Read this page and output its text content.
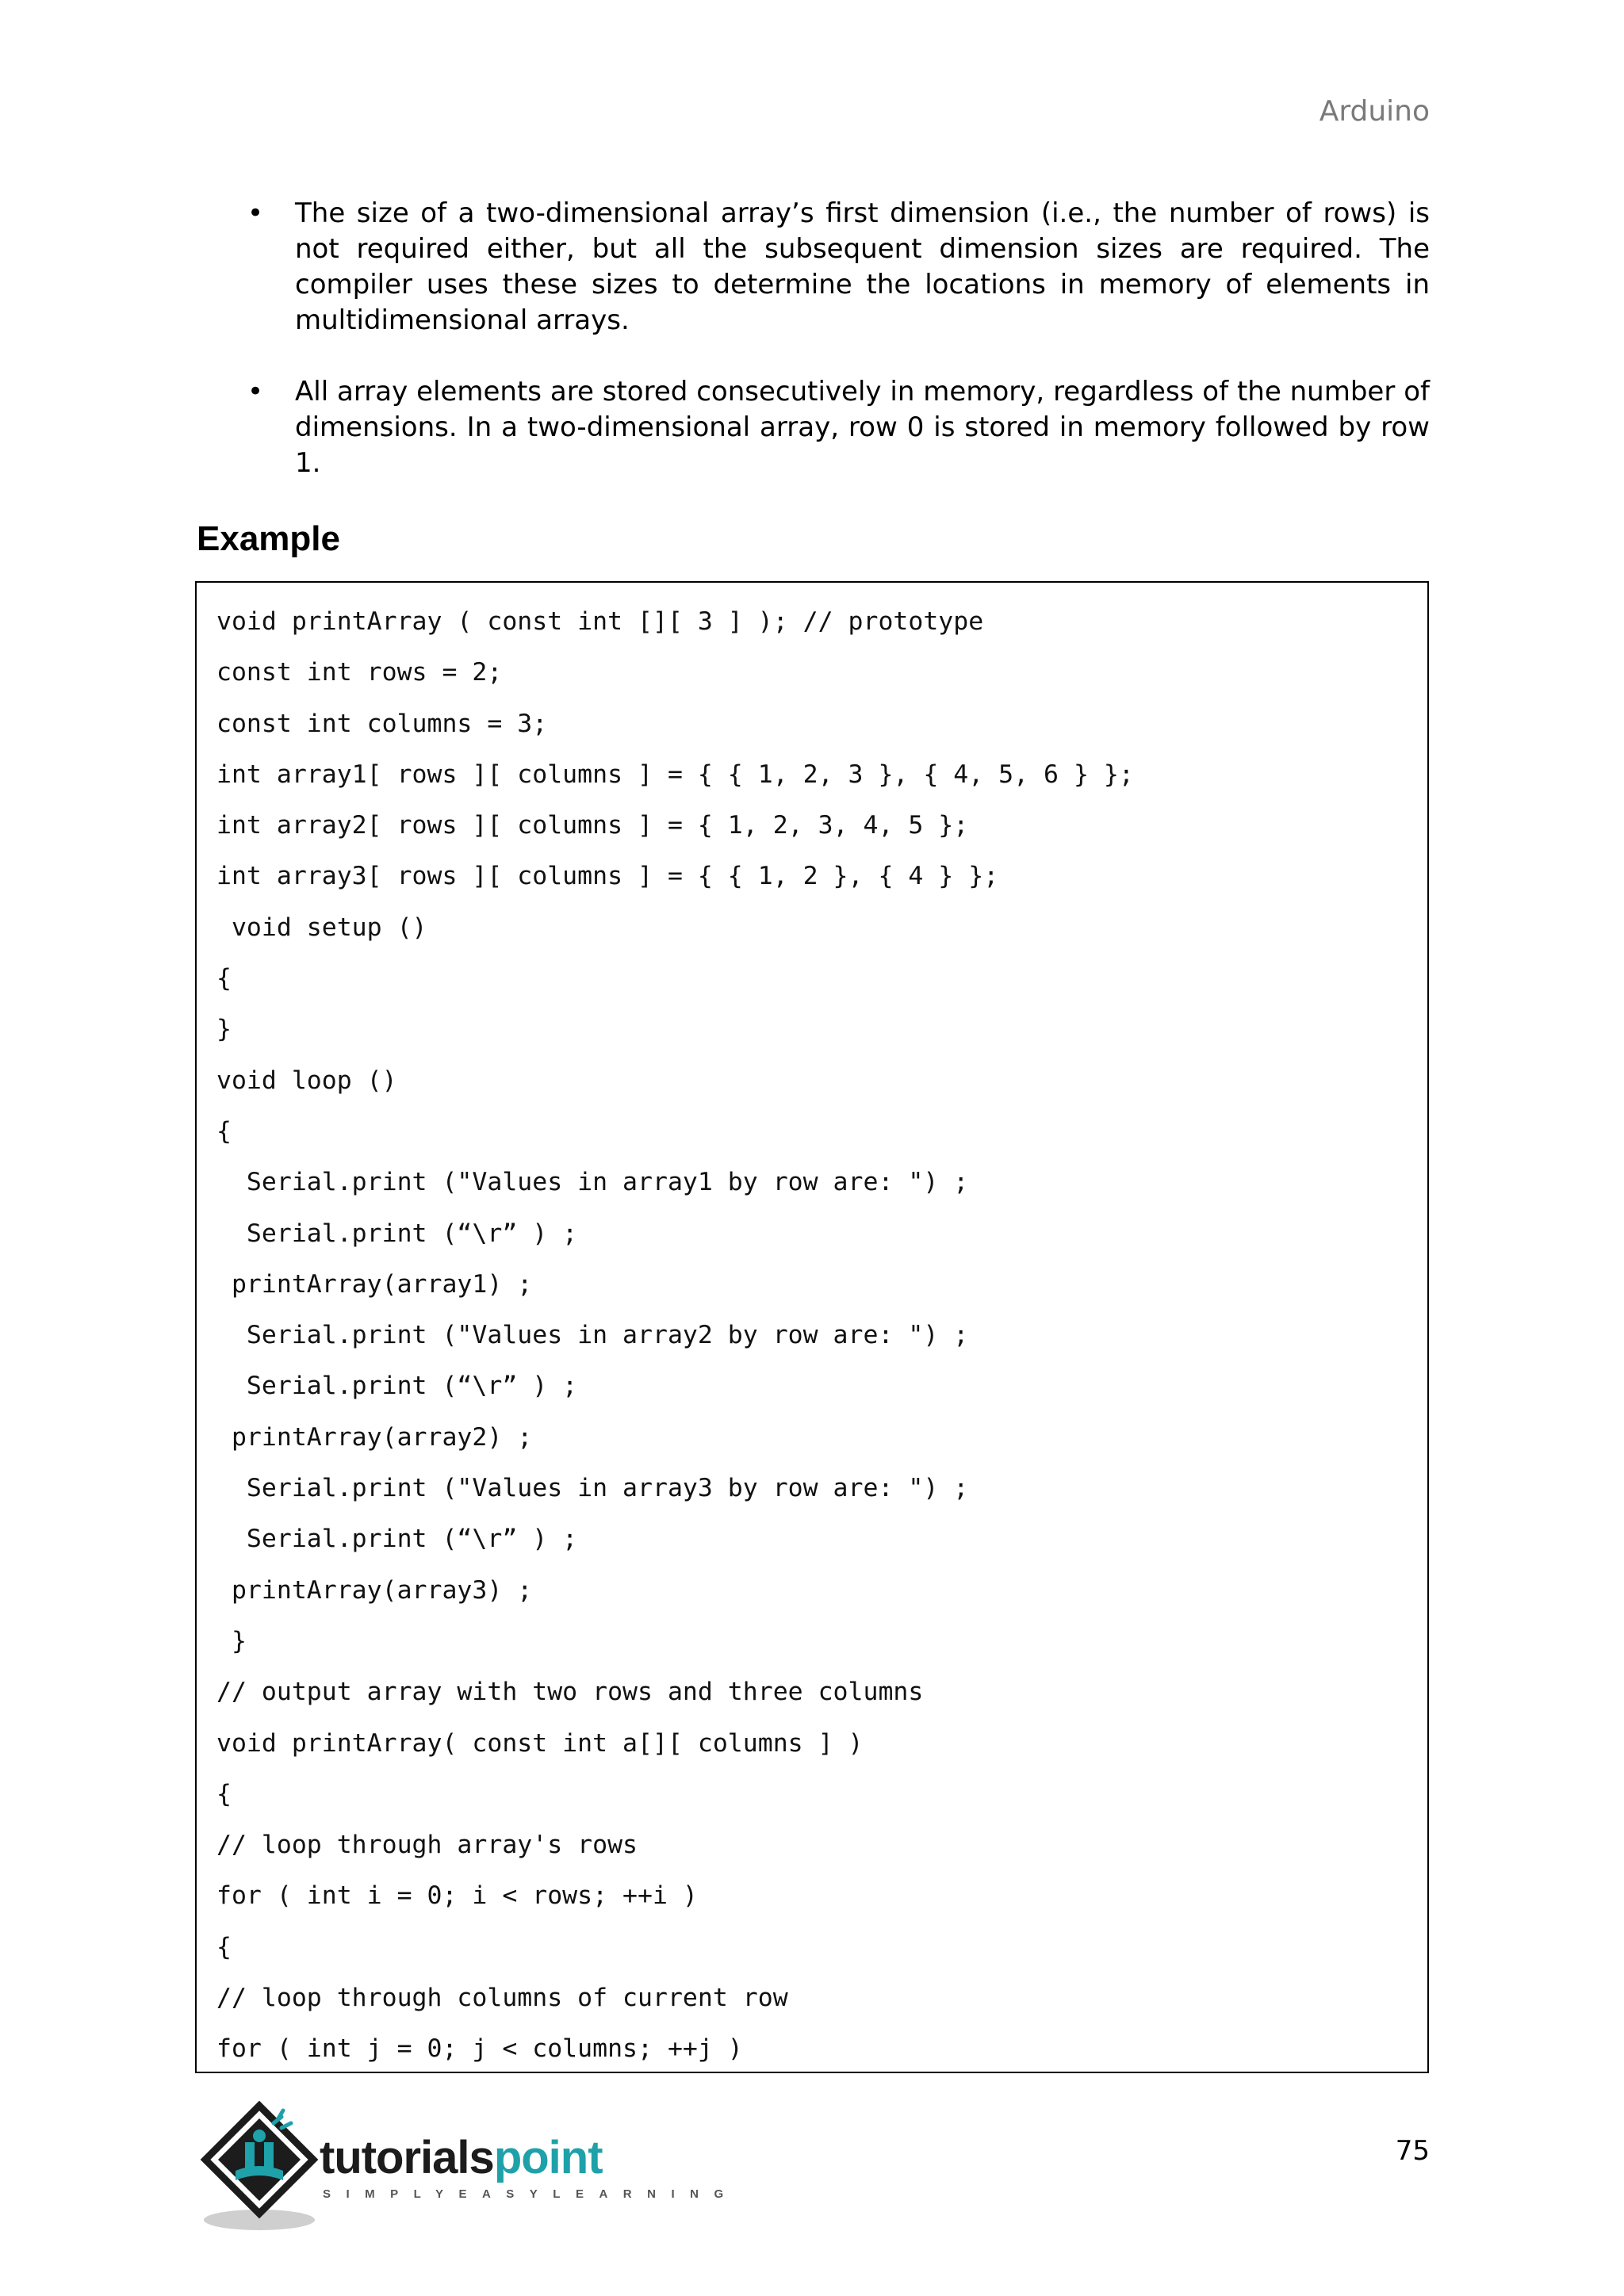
Arduino
• The size of a two-dimensional array’s first dimension (i.e., the number of rows) is not required either, but all the subsequent dimension sizes are required. The compiler uses these sizes to determine the locations in memory of elements in multidimensional arrays.
• All array elements are stored consecutively in memory, regardless of the number of dimensions. In a two-dimensional array, row 0 is stored in memory followed by row 1.
Example
void printArray ( const int [][ 3 ] ); // prototype
const int rows = 2;
const int columns = 3;
int array1[ rows ][ columns ] = { { 1, 2, 3 }, { 4, 5, 6 } };
int array2[ rows ][ columns ] = { 1, 2, 3, 4, 5 };
int array3[ rows ][ columns ] = { { 1, 2 }, { 4 } };
void setup ()
{
}
void loop ()
{
Serial.print ("Values in array1 by row are: ") ;
Serial.print (“\r” ) ;
printArray(array1) ;
Serial.print ("Values in array2 by row are: ") ;
Serial.print (“\r” ) ;
printArray(array2) ;
Serial.print ("Values in array3 by row are: ") ;
Serial.print (“\r” ) ;
printArray(array3) ;
}
// output array with two rows and three columns
void printArray( const int a[][ columns ] )
{
// loop through array's rows
for ( int i = 0; i < rows; ++i )
{
// loop through columns of current row
for ( int j = 0; j < columns; ++j )
tutorialspoint
SIMPLYEASYLEARNING
75
